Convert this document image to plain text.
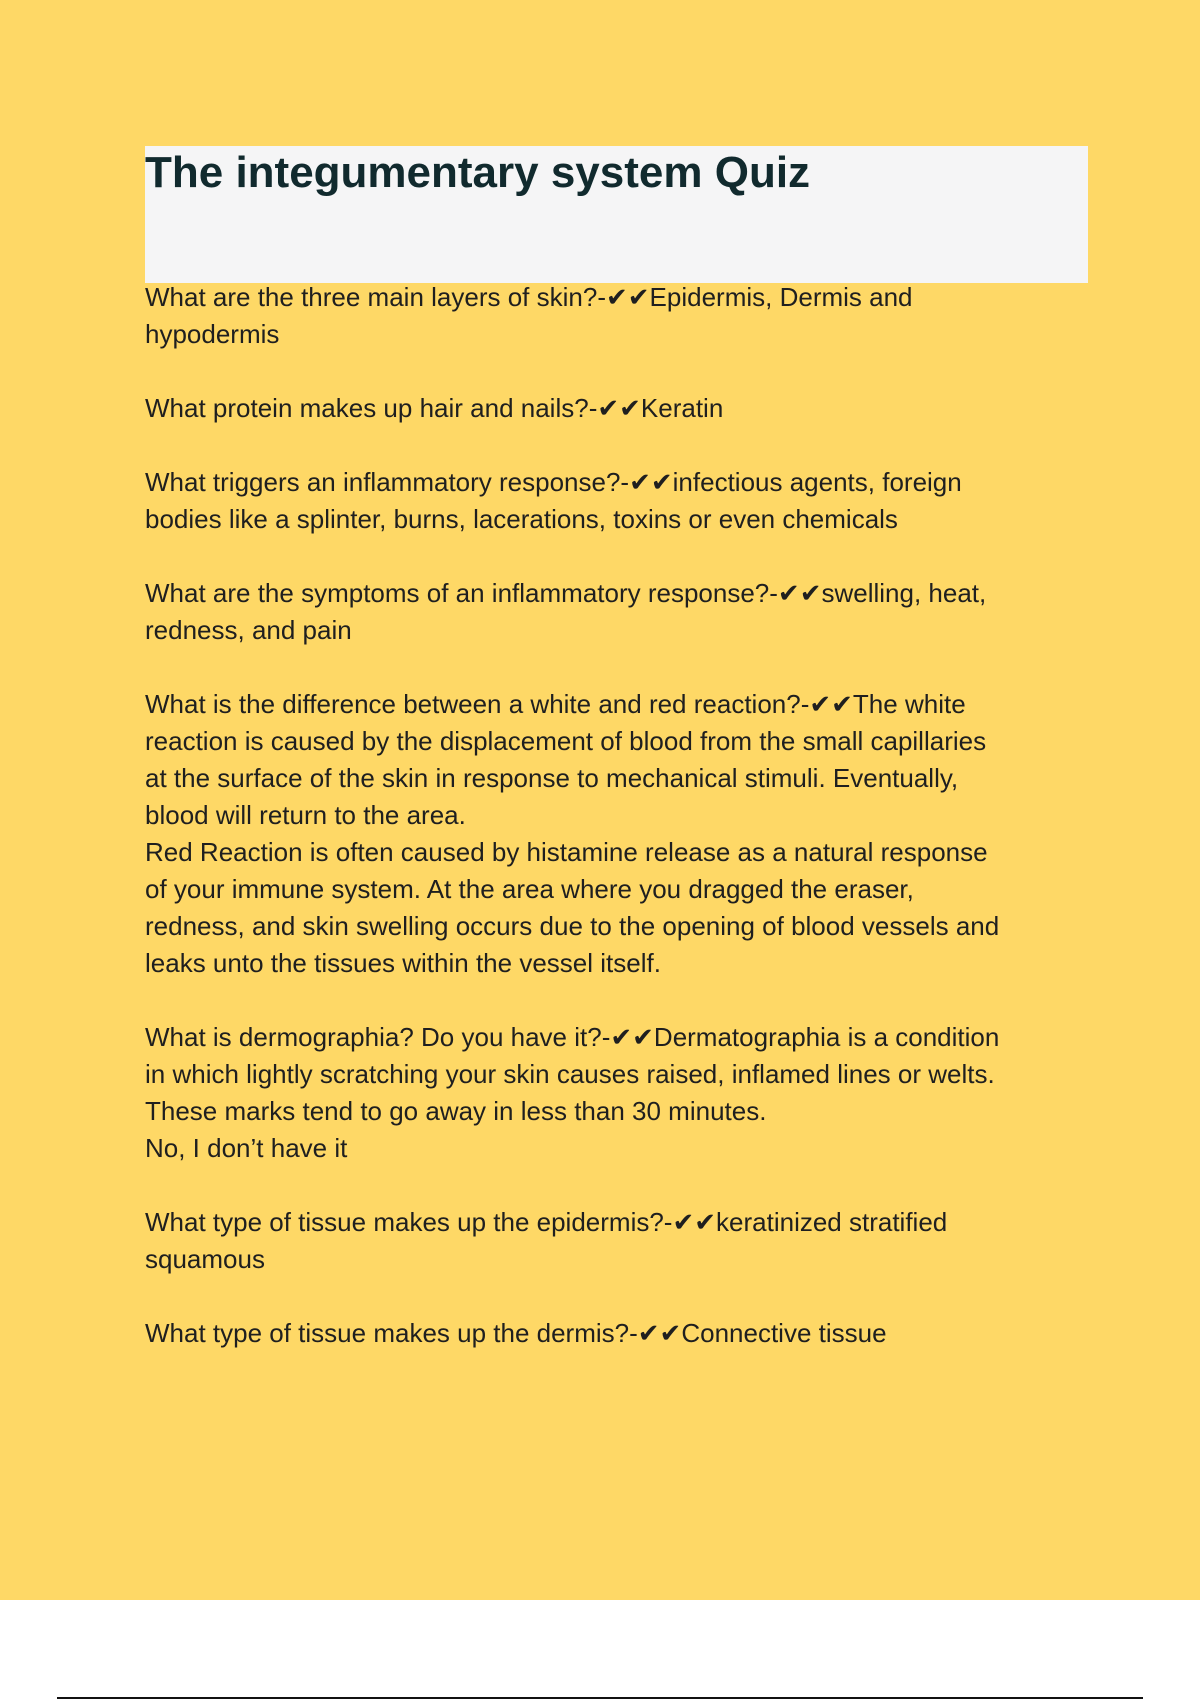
The integumentary system Quiz
What are the three main layers of skin?-✔✔Epidermis, Dermis and
hypodermis
What protein makes up hair and nails?-✔✔Keratin
What triggers an inflammatory response?-✔✔infectious agents, foreign
bodies like a splinter, burns, lacerations, toxins or even chemicals
What are the symptoms of an inflammatory response?-✔✔swelling, heat,
redness, and pain
What is the difference between a white and red reaction?-✔✔The white
reaction is caused by the displacement of blood from the small capillaries
at the surface of the skin in response to mechanical stimuli. Eventually,
blood will return to the area.
Red Reaction is often caused by histamine release as a natural response
of your immune system. At the area where you dragged the eraser,
redness, and skin swelling occurs due to the opening of blood vessels and
leaks unto the tissues within the vessel itself.
What is dermographia? Do you have it?-✔✔Dermatographia is a condition
in which lightly scratching your skin causes raised, inflamed lines or welts.
These marks tend to go away in less than 30 minutes.
No, I don’t have it
What type of tissue makes up the epidermis?-✔✔keratinized stratified
squamous
What type of tissue makes up the dermis?-✔✔Connective tissue
